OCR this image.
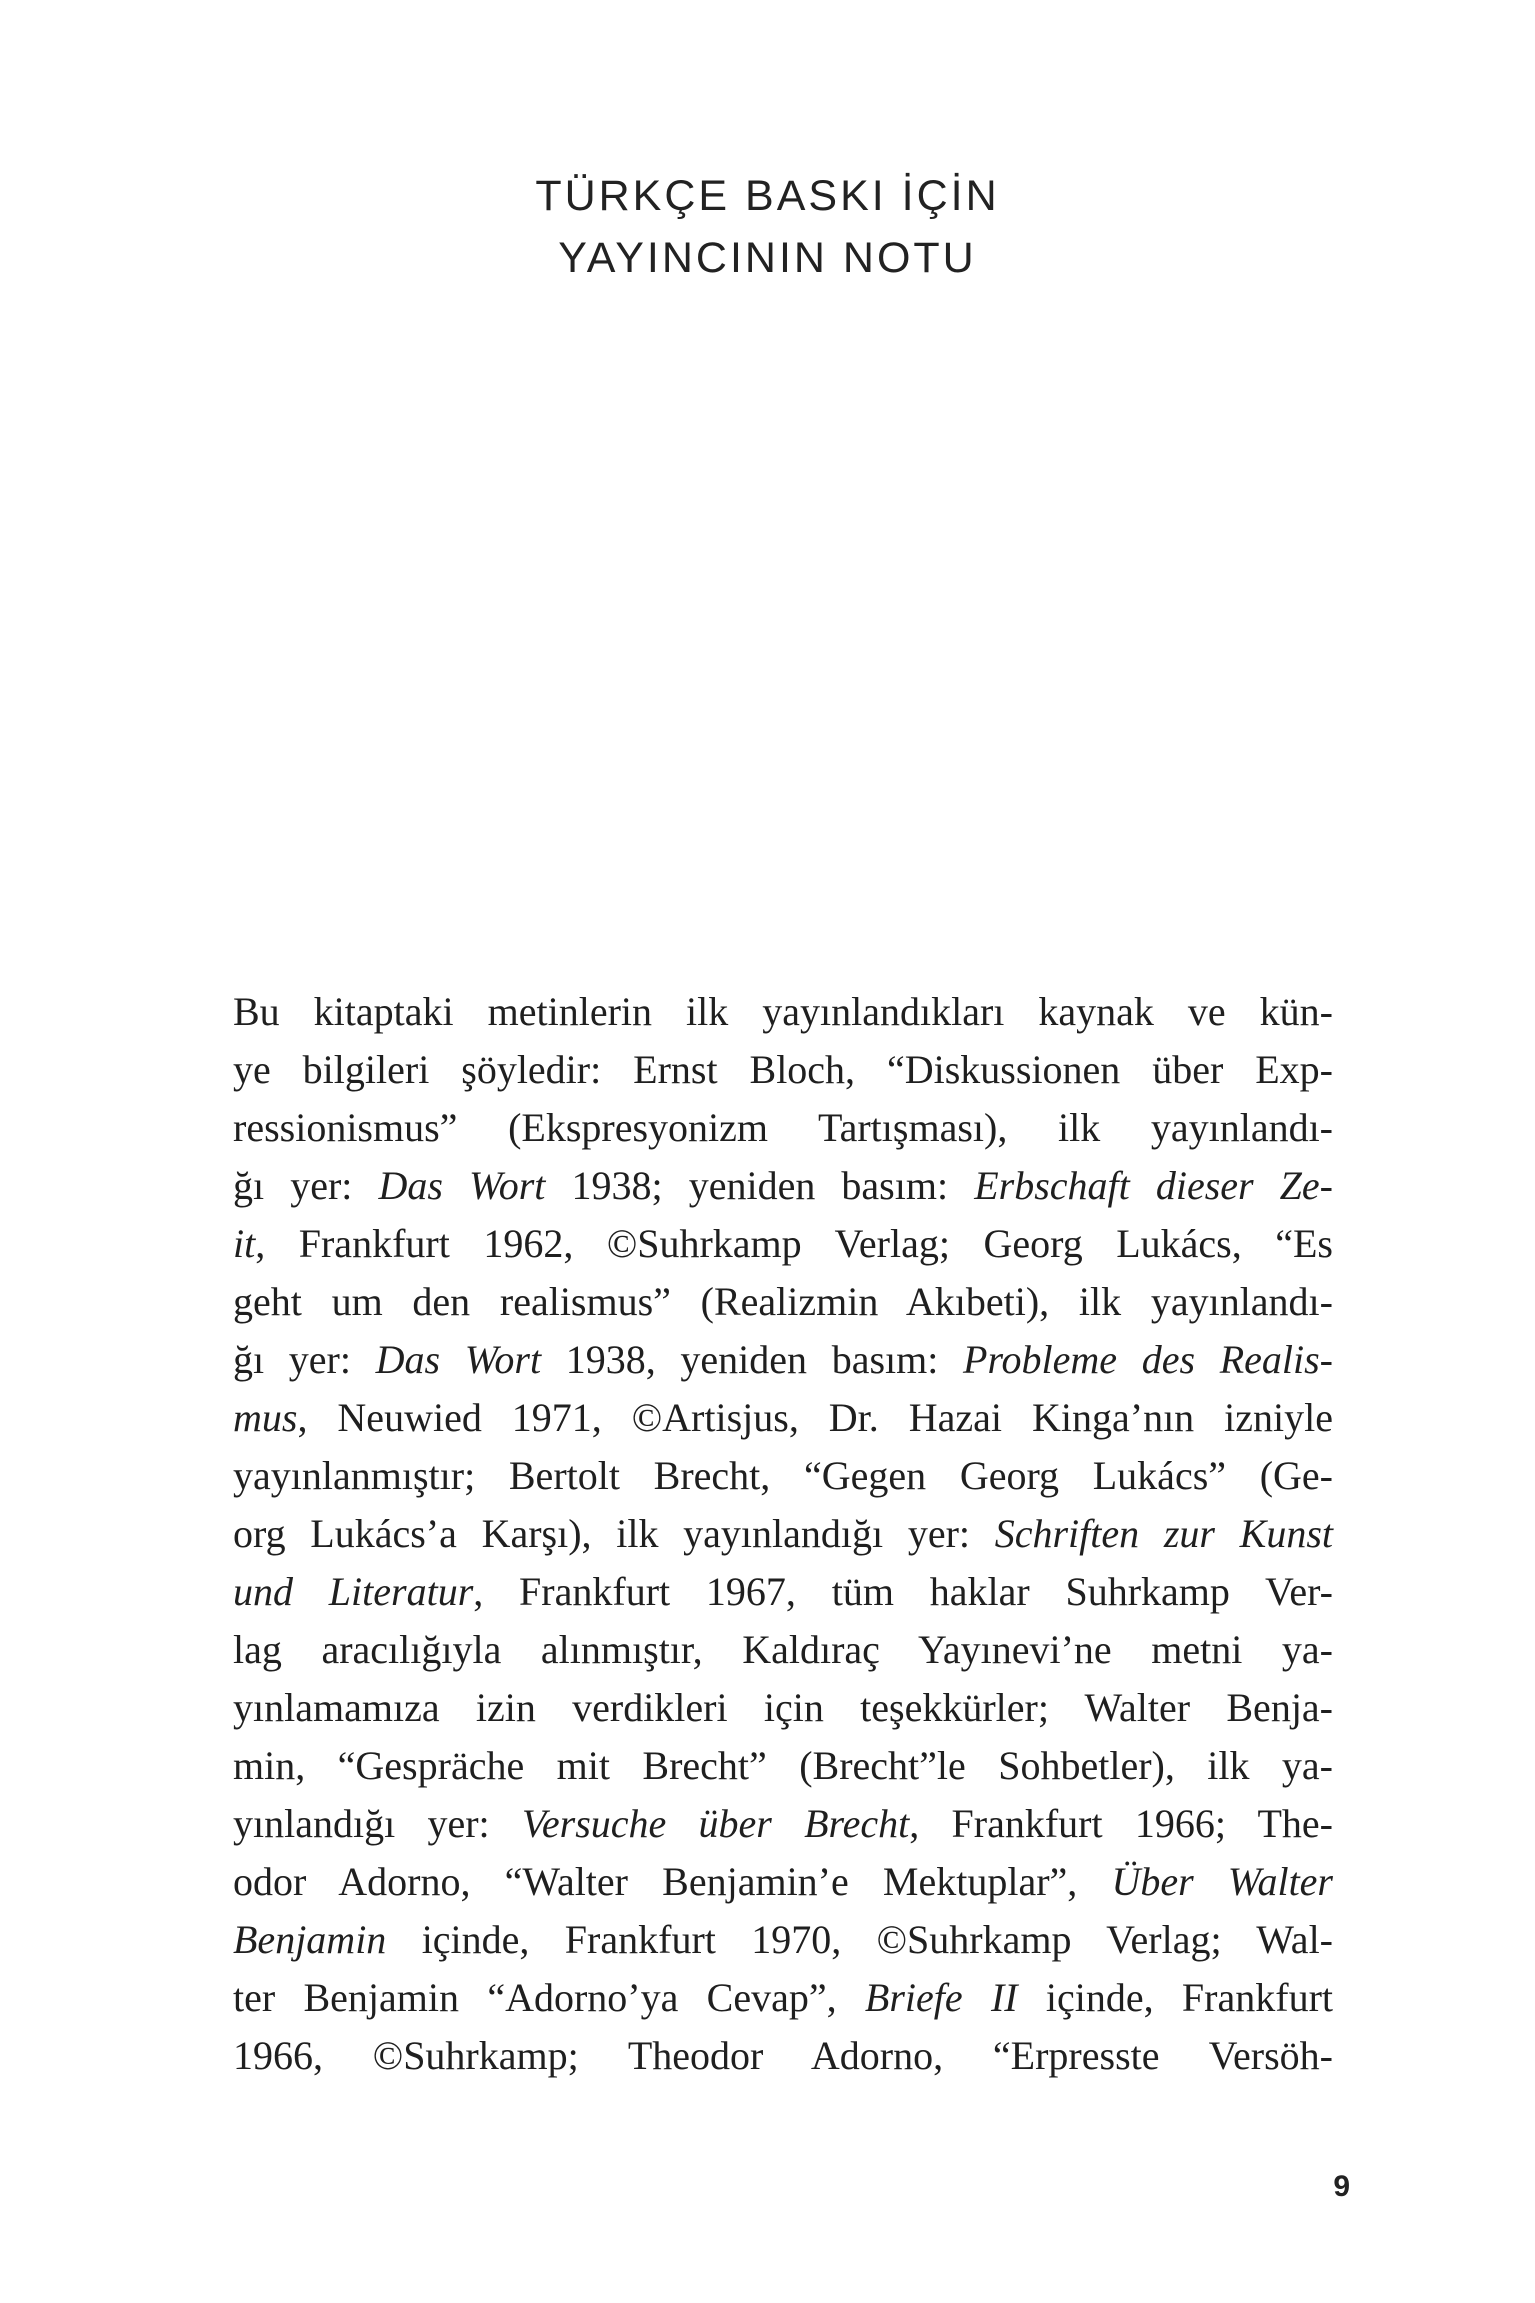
TÜRKÇE BASKI İÇİN
YAYINCININ NOTU
Bu kitaptaki metinlerin ilk yayınlandıkları kaynak ve kün-
ye bilgileri şöyledir: Ernst Bloch, “Diskussionen über Exp-
ressionismus” (Ekspresyonizm Tartışması), ilk yayınlandı-
ğı yer: Das Wort 1938; yeniden basım: Erbschaft dieser Ze-
it, Frankfurt 1962, ©Suhrkamp Verlag; Georg Lukács, “Es
geht um den realismus” (Realizmin Akıbeti), ilk yayınlandı-
ğı yer: Das Wort 1938, yeniden basım: Probleme des Realis-
mus, Neuwied 1971, ©Artisjus, Dr. Hazai Kinga’nın izniyle
yayınlanmıştır; Bertolt Brecht, “Gegen Georg Lukács” (Ge-
org Lukács’a Karşı), ilk yayınlandığı yer: Schriften zur Kunst
und Literatur, Frankfurt 1967, tüm haklar Suhrkamp Ver-
lag aracılığıyla alınmıştır, Kaldıraç Yayınevi’ne metni ya-
yınlamamıza izin verdikleri için teşekkürler; Walter Benja-
min, “Gespräche mit Brecht” (Brecht”le Sohbetler), ilk ya-
yınlandığı yer: Versuche über Brecht, Frankfurt 1966; The-
odor Adorno, “Walter Benjamin’e Mektuplar”, Über Walter
Benjamin içinde, Frankfurt 1970, ©Suhrkamp Verlag; Wal-
ter Benjamin “Adorno’ya Cevap”, Briefe II içinde, Frankfurt
1966, ©Suhrkamp; Theodor Adorno, “Erpresste Versöh-
9
